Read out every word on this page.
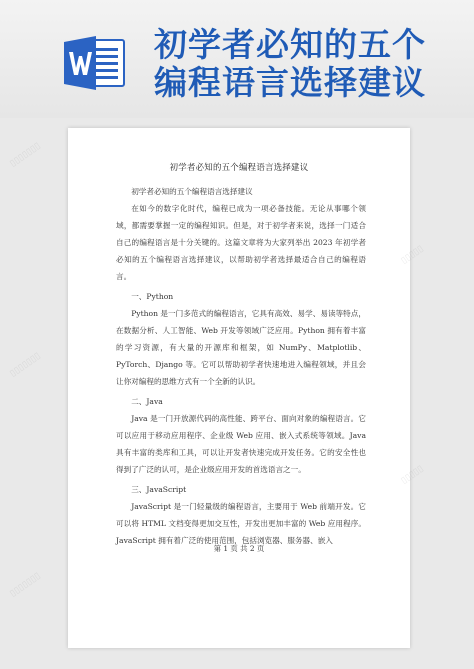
初学者必知的五个
编程语言选择建议
初学者必知的五个编程语言选择建议

初学者必知的五个编程语言选择建议

在如今的数字化时代，编程已成为一项必备技能。无论从事哪个领域，都需要掌握一定的编程知识。但是，对于初学者来说，选择一门适合自己的编程语言是十分关键的。这篇文章将为大家列举出 2023 年初学者必知的五个编程语言选择建议，以帮助初学者选择最适合自己的编程语言。

一、Python

Python 是一门多范式的编程语言，它具有高效、易学、易读等特点，在数据分析、人工智能、Web 开发等领域广泛应用。Python 拥有着丰富的学习资源，有大量的开源库和框架，如 NumPy、Matplotlib、PyTorch、Django 等。它可以帮助初学者快速地进入编程领域，并且会让你对编程的思维方式有一个全新的认识。

二、Java

Java 是一门开放源代码的高性能、跨平台、面向对象的编程语言。它可以应用于移动应用程序、企业级 Web 应用、嵌入式系统等领域。Java 具有丰富的类库和工具，可以让开发者快速完成开发任务。它的安全性也得到了广泛的认可，是企业级应用开发的首选语言之一。

三、JavaScript

JavaScript 是一门轻量级的编程语言，主要用于 Web 前端开发。它可以将 HTML 文档变得更加交互性，开发出更加丰富的 Web 应用程序。JavaScript 拥有着广泛的使用范围，包括浏览器、服务器、嵌入

第 1 页 共 2 页
▯▯▯▯▯▯▯
▯▯▯▯▯▯▯
▯▯▯▯▯▯▯
▯▯▯▯▯
▯▯▯▯▯
